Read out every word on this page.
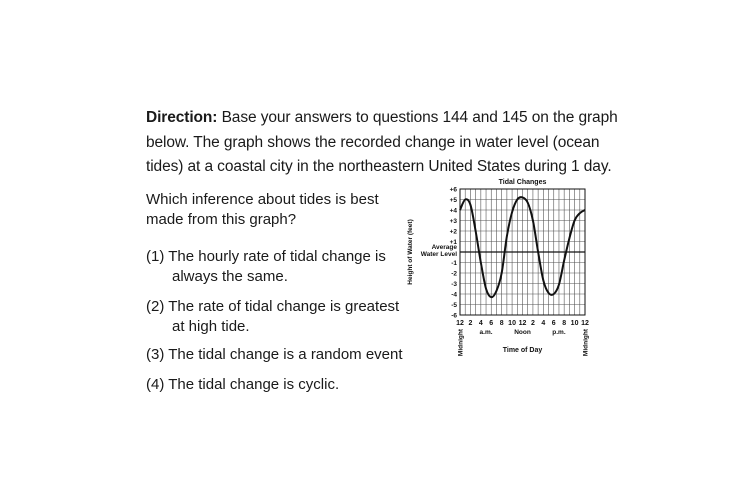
Direction: Base your answers to questions 144 and 145 on the graph below. The graph shows the recorded change in water level (ocean tides) at a coastal city in the northeastern United States during 1 day.
Which inference about tides is best made from this graph?
(1) The hourly rate of tidal change is
always the same.
(2) The rate of tidal change is greatest
at high tide.
(3) The tidal change is a random event
(4) The tidal change is cyclic.
Tidal Changes
+6
+5
+4
+3
+2
+1
-1
-2
-3
-4
-5
-6
Average
Water Level
Height of Water (feet)
12 2 4 6 8 10 12 2 4 6 8 10 12
a.m.	Noon	p.m.
Midnight	Midnight
Time of Day
